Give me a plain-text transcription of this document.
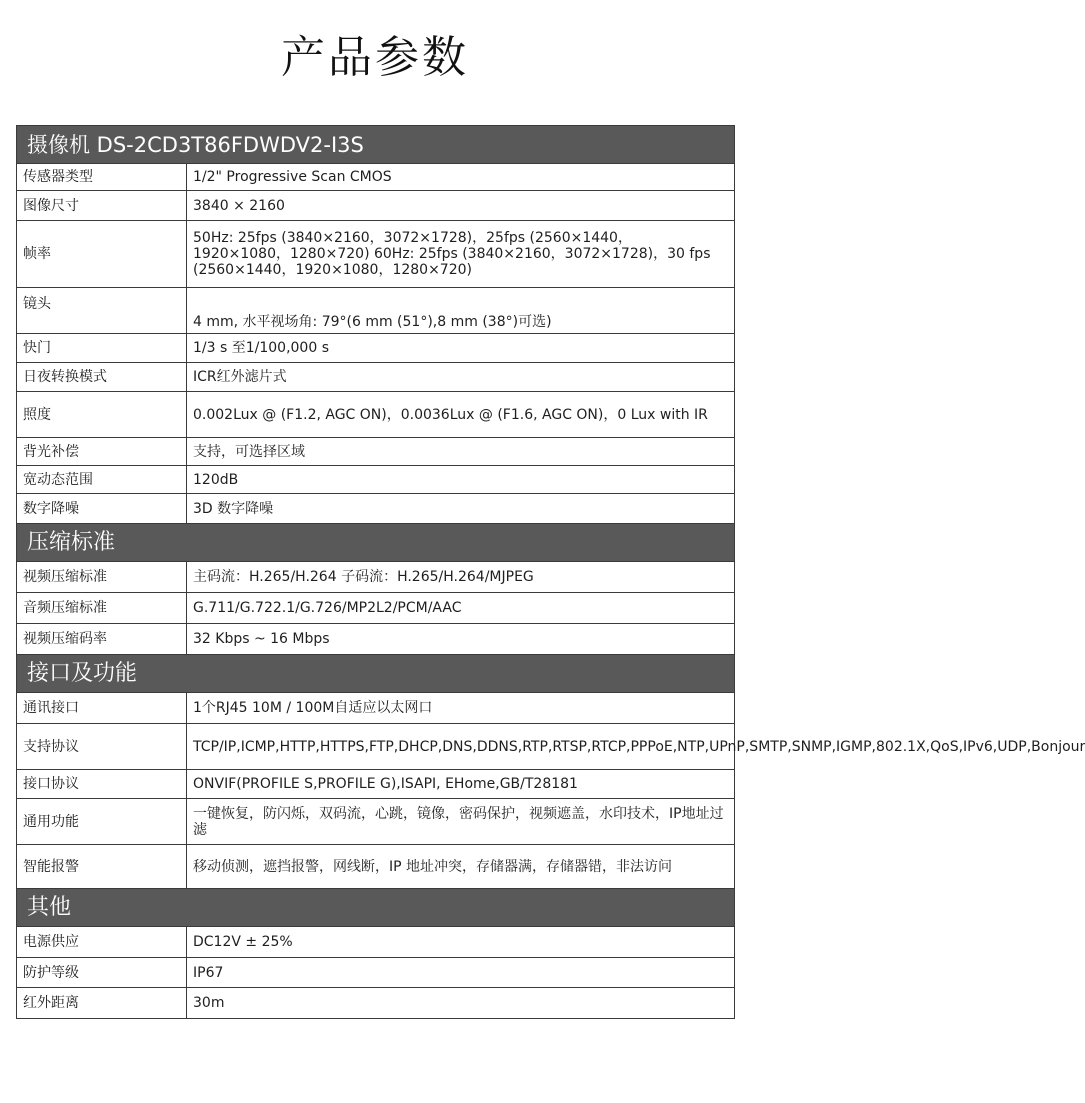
产品参数
摄像机 DS-2CD3T86FDWDV2-I3S	
传感器类型	1/2" Progressive Scan CMOS
图像尺寸	3840 × 2160
帧率	50Hz: 25fps (3840×2160，3072×1728)，25fps (2560×1440，1920×1080，1280×720) 60Hz: 25fps (3840×2160，3072×1728)，30 fps (2560×1440，1920×1080，1280×720)
镜头	4 mm, 水平视场角: 79°(6 mm (51°),8 mm (38°)可选)
快门	1/3 s 至1/100,000 s
日夜转换模式	ICR红外滤片式
照度	0.002Lux @ (F1.2, AGC ON)，0.0036Lux @ (F1.6, AGC ON)，0 Lux with IR
背光补偿	支持，可选择区域
宽动态范围	120dB
数字降噪	3D 数字降噪
压缩标准	
视频压缩标准	主码流：H.265/H.264 子码流：H.265/H.264/MJPEG
音频压缩标准	G.711/G.722.1/G.726/MP2L2/PCM/AAC
视频压缩码率	32 Kbps ~ 16 Mbps
接口及功能	
通讯接口	1个RJ45 10M / 100M自适应以太网口
支持协议	TCP/IP,ICMP,HTTP,HTTPS,FTP,DHCP,DNS,DDNS,RTP,RTSP,RTCP,PPPoE,NTP,UPnP,SMTP,SNMP,IGMP,802.1X,QoS,IPv6,UDP,Bonjour
接口协议	ONVIF(PROFILE S,PROFILE G),ISAPI, EHome,GB/T28181
通用功能	一键恢复，防闪烁，双码流，心跳，镜像，密码保护，视频遮盖，水印技术，IP地址过滤
智能报警	移动侦测，遮挡报警，网线断，IP 地址冲突，存储器满，存储器错，非法访问
其他	
电源供应	DC12V ± 25%
防护等级	IP67
红外距离	30m
